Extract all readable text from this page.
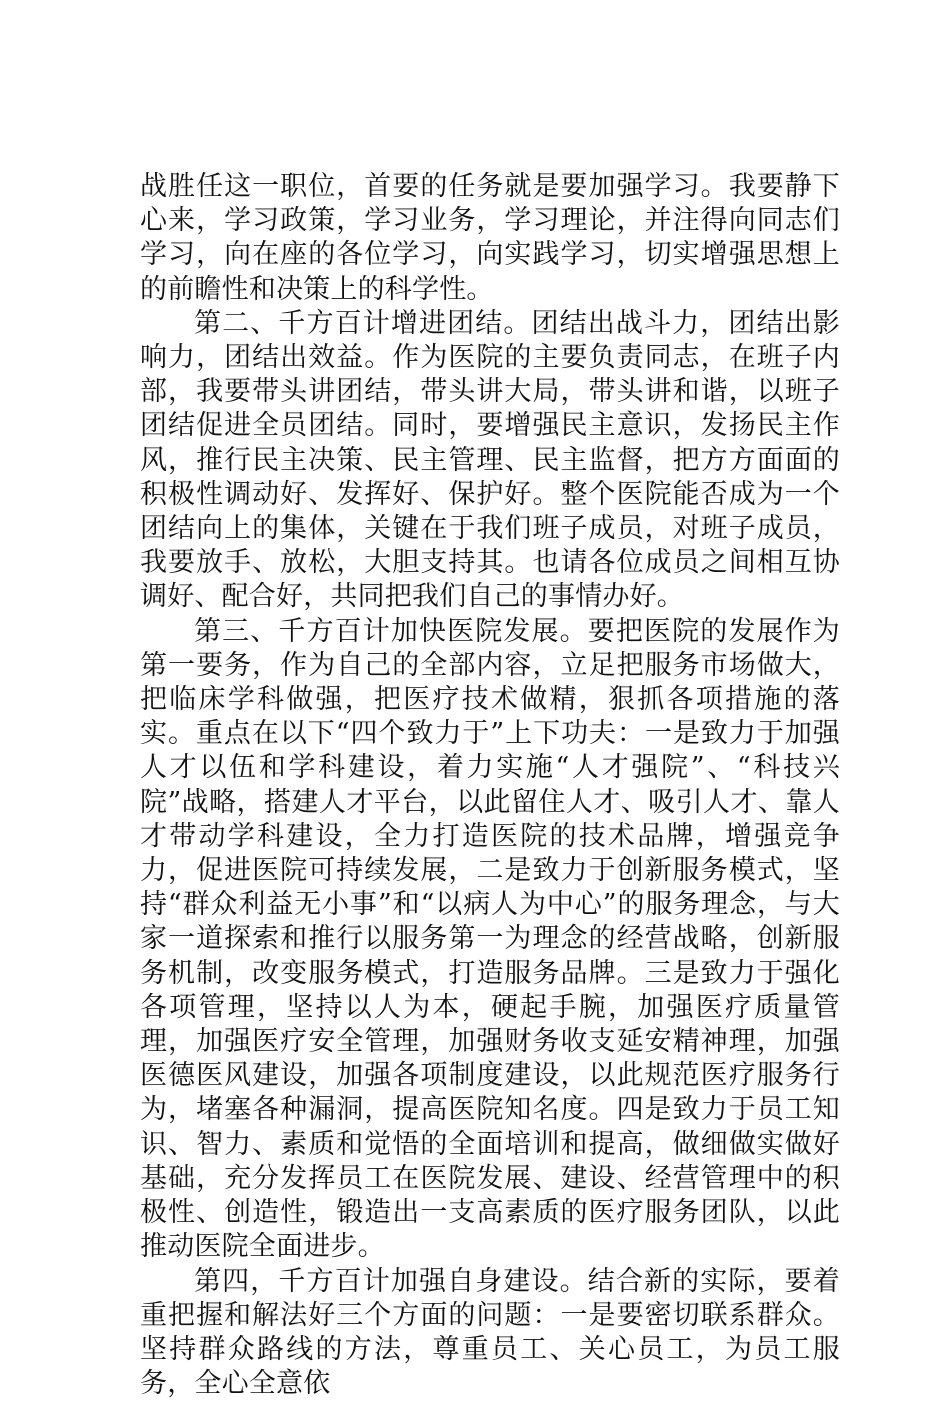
战胜任这一职位，首要的任务就是要加强学习。我要静下心来，学习政策，学习业务，学习理论，并注得向同志们学习，向在座的各位学习，向实践学习，切实增强思想上的前瞻性和决策上的科学性。

第二、千方百计增进团结。团结出战斗力，团结出影响力，团结出效益。作为医院的主要负责同志，在班子内部，我要带头讲团结，带头讲大局，带头讲和谐，以班子团结促进全员团结。同时，要增强民主意识，发扬民主作风，推行民主决策、民主管理、民主监督，把方方面面的积极性调动好、发挥好、保护好。整个医院能否成为一个团结向上的集体，关键在于我们班子成员，对班子成员，我要放手、放松，大胆支持其。也请各位成员之间相互协调好、配合好，共同把我们自己的事情办好。

第三、千方百计加快医院发展。要把医院的发展作为第一要务，作为自己的全部内容，立足把服务市场做大，把临床学科做强，把医疗技术做精，狠抓各项措施的落实。重点在以下“四个致力于”上下功夫：一是致力于加强人才以伍和学科建设，着力实施“人才强院”、“科技兴院”战略，搭建人才平台，以此留住人才、吸引人才、靠人才带动学科建设，全力打造医院的技术品牌，增强竞争力，促进医院可持续发展，二是致力于创新服务模式，坚持“群众利益无小事”和“以病人为中心”的服务理念，与大家一道探索和推行以服务第一为理念的经营战略，创新服务机制，改变服务模式，打造服务品牌。三是致力于强化各项管理，坚持以人为本，硬起手腕，加强医疗质量管理，加强医疗安全管理，加强财务收支延安精神理，加强医德医风建设，加强各项制度建设，以此规范医疗服务行为，堵塞各种漏洞，提高医院知名度。四是致力于员工知识、智力、素质和觉悟的全面培训和提高，做细做实做好基础，充分发挥员工在医院发展、建设、经营管理中的积极性、创造性，锻造出一支高素质的医疗服务团队，以此推动医院全面进步。

第四，千方百计加强自身建设。结合新的实际，要着重把握和解法好三个方面的问题：一是要密切联系群众。坚持群众路线的方法，尊重员工、关心员工，为员工服务，全心全意依
